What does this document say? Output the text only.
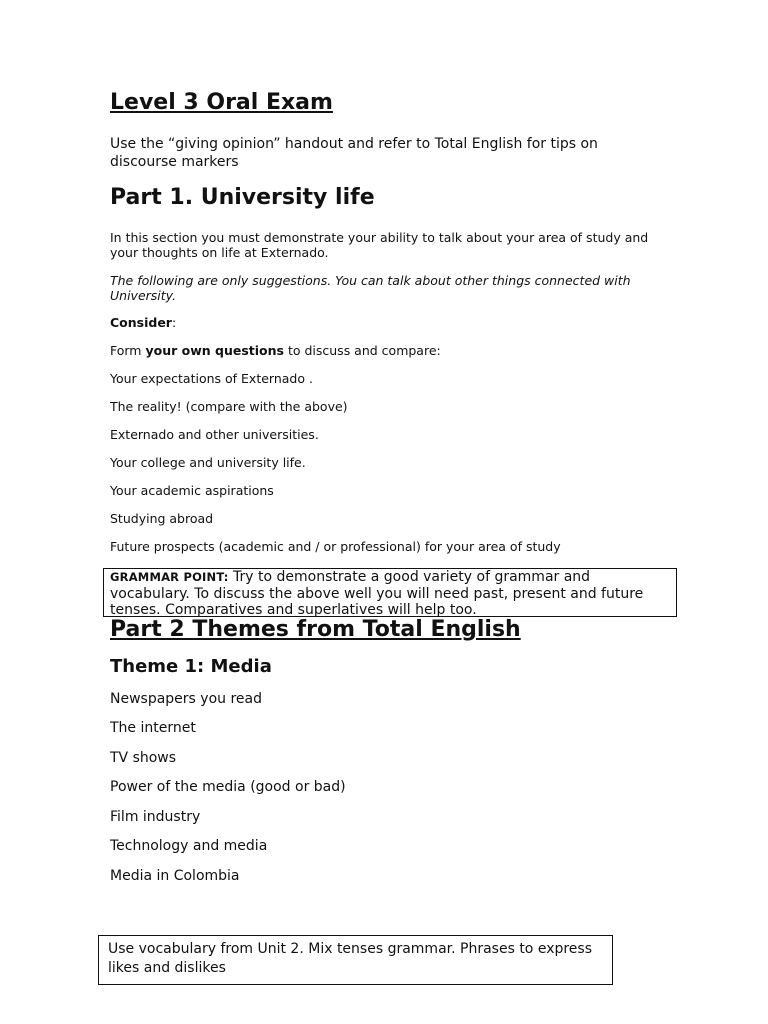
Level 3 Oral Exam

Use the “giving opinion” handout and refer to Total English for tips on discourse markers

Part 1. University life

In this section you must demonstrate your ability to talk about your area of study and your thoughts on life at Externado.

The following are only suggestions. You can talk about other things connected with University.

Consider:

Form your own questions to discuss and compare:

Your expectations of Externado .

The reality! (compare with the above)

Externado and other universities.

Your college and university life.

Your academic aspirations

Studying abroad

Future prospects (academic and / or professional) for your area of study

GRAMMAR POINT: Try to demonstrate a good variety of grammar and vocabulary. To discuss the above well you will need past, present and future tenses. Comparatives and superlatives will help too.
Part 2 Themes from Total English
Theme 1: Media

Newspapers you read

The internet

TV shows

Power of the media (good or bad)

Film industry

Technology and media

Media in Colombia

Use vocabulary from Unit 2. Mix tenses grammar. Phrases to express likes and dislikes
